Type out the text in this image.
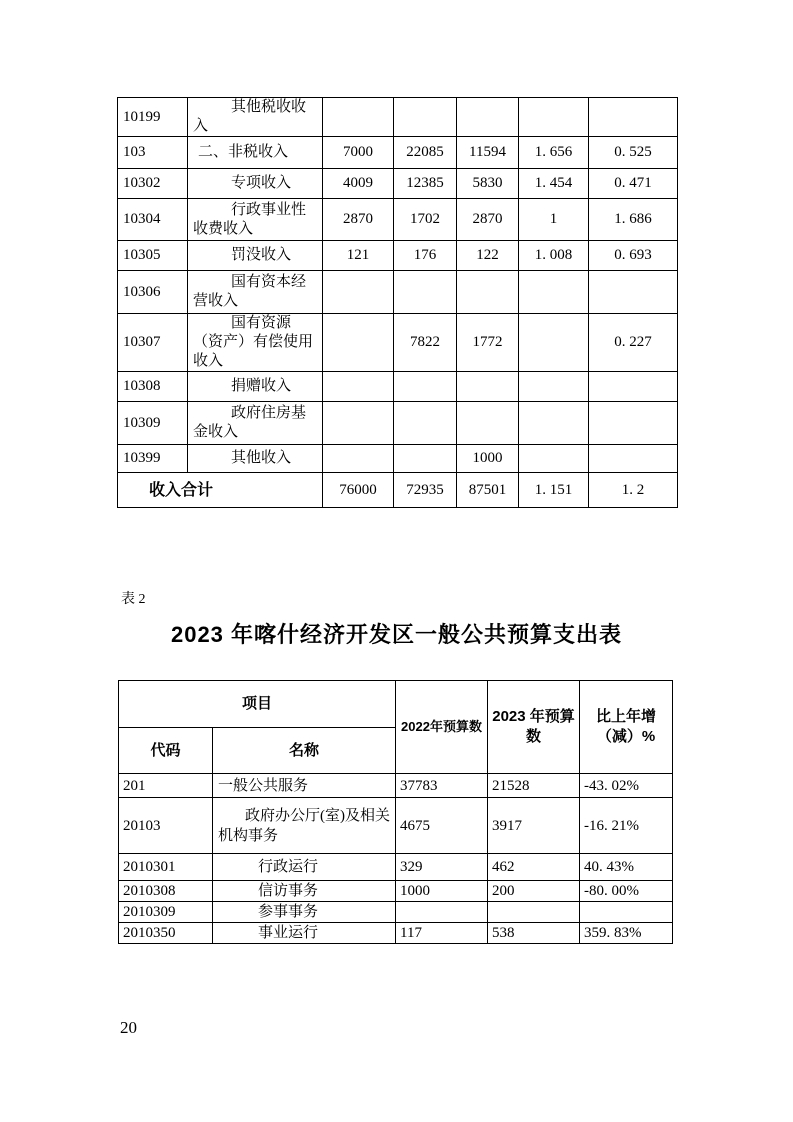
10199	其他税收收入					
103	二、非税收入	7000	22085	11594	1. 656	0. 525
10302	专项收入	4009	12385	5830	1. 454	0. 471
10304	行政事业性收费收入	2870	1702	2870	1	1. 686
10305	罚没收入	121	176	122	1. 008	0. 693
10306	国有资本经营收入					
10307	国有资源（资产）有偿使用收入		7822	1772		0. 227
10308	捐赠收入					
10309	政府住房基金收入					
10399	其他收入			1000		
收入合计		76000	72935	87501	1. 151	1. 2
表 2
2023 年喀什经济开发区一般公共预算支出表
项目		2022年预算数	2023 年预算数	比上年增（减）%
代码	名称			
201	一般公共服务	37783	21528	-43. 02%
20103	政府办公厅(室)及相关机构事务	4675	3917	-16. 21%
2010301	行政运行	329	462	40. 43%
2010308	信访事务	1000	200	-80. 00%
2010309	参事事务			
2010350	事业运行	117	538	359. 83%
20
